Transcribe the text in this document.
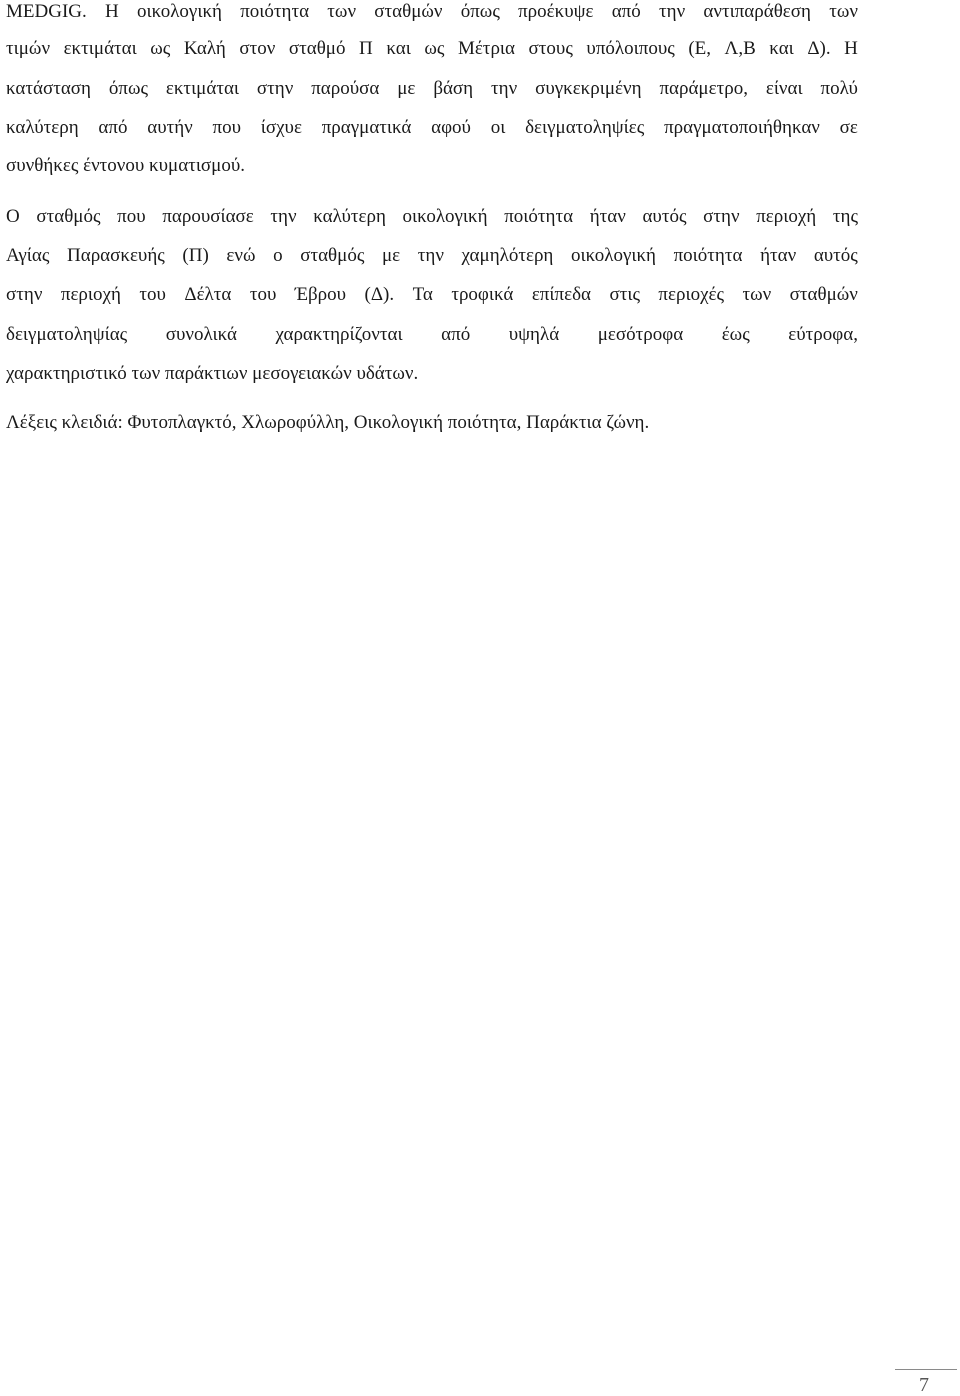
MEDGIG. Η οικολογική ποιότητα των σταθμών όπως προέκυψε από την αντιπαράθεση των
τιμών εκτιμάται ως Καλή στον σταθμό Π και ως Μέτρια στους υπόλοιπους (Ε, Λ,Β και Δ). Η
κατάσταση όπως εκτιμάται στην παρούσα με βάση την συγκεκριμένη παράμετρο, είναι πολύ
καλύτερη από αυτήν που ίσχυε πραγματικά αφού οι δειγματοληψίες πραγματοποιήθηκαν σε
συνθήκες έντονου κυματισμού.
Ο σταθμός που παρουσίασε την καλύτερη οικολογική ποιότητα ήταν αυτός στην περιοχή της
Αγίας Παρασκευής (Π) ενώ ο σταθμός με την χαμηλότερη οικολογική ποιότητα ήταν αυτός
στην περιοχή του Δέλτα του Έβρου (Δ). Τα τροφικά επίπεδα στις περιοχές των σταθμών
δειγματοληψίας συνολικά χαρακτηρίζονται από υψηλά μεσότροφα έως εύτροφα,
χαρακτηριστικό των παράκτιων μεσογειακών υδάτων.
Λέξεις κλειδιά: Φυτοπλαγκτό, Χλωροφύλλη, Οικολογική ποιότητα, Παράκτια ζώνη.
7
